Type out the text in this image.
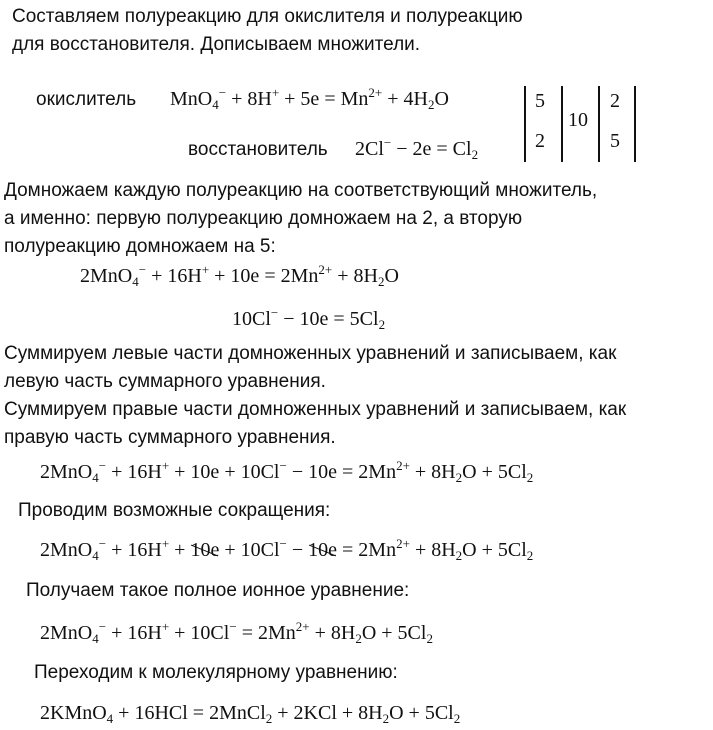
Составляем полуреакцию для окислителя и полуреакцию
для восстановителя. Дописываем множители.
окислитель $MnO_4^- + 8H^+ + 5e = Mn^{2+} + 4H_2O$
восстановитель $2Cl^- - 2e = Cl_2$
5
2
10
2
5
Домножаем каждую полуреакцию на соответствующий множитель,
а именно: первую полуреакцию домножаем на 2, а вторую
полуреакцию домножаем на 5:
$2MnO_4^- + 16H^+ + 10e = 2Mn^{2+} + 8H_2O$
$10Cl^- - 10e = 5Cl_2$
Суммируем левые части домноженных уравнений и записываем, как
левую часть суммарного уравнения.
Суммируем правые части домноженных уравнений и записываем, как
правую часть суммарного уравнения.
$2MnO_4^- + 16H^+ + 10e + 10Cl^- - 10e = 2Mn^{2+} + 8H_2O + 5Cl_2$
Проводим возможные сокращения:
$2MnO_4^- + 16H^+ + 10e + 10Cl^- - 10e = 2Mn^{2+} + 8H_2O + 5Cl_2$
Получаем такое полное ионное уравнение:
$2MnO_4^- + 16H^+ + 10Cl^- = 2Mn^{2+} + 8H_2O + 5Cl_2$
Переходим к молекулярному уравнению:
2KMnO$_4$ + 16HCl = 2MnCl$_2$ + $2KCl + 8H_2O + 5Cl_2$
